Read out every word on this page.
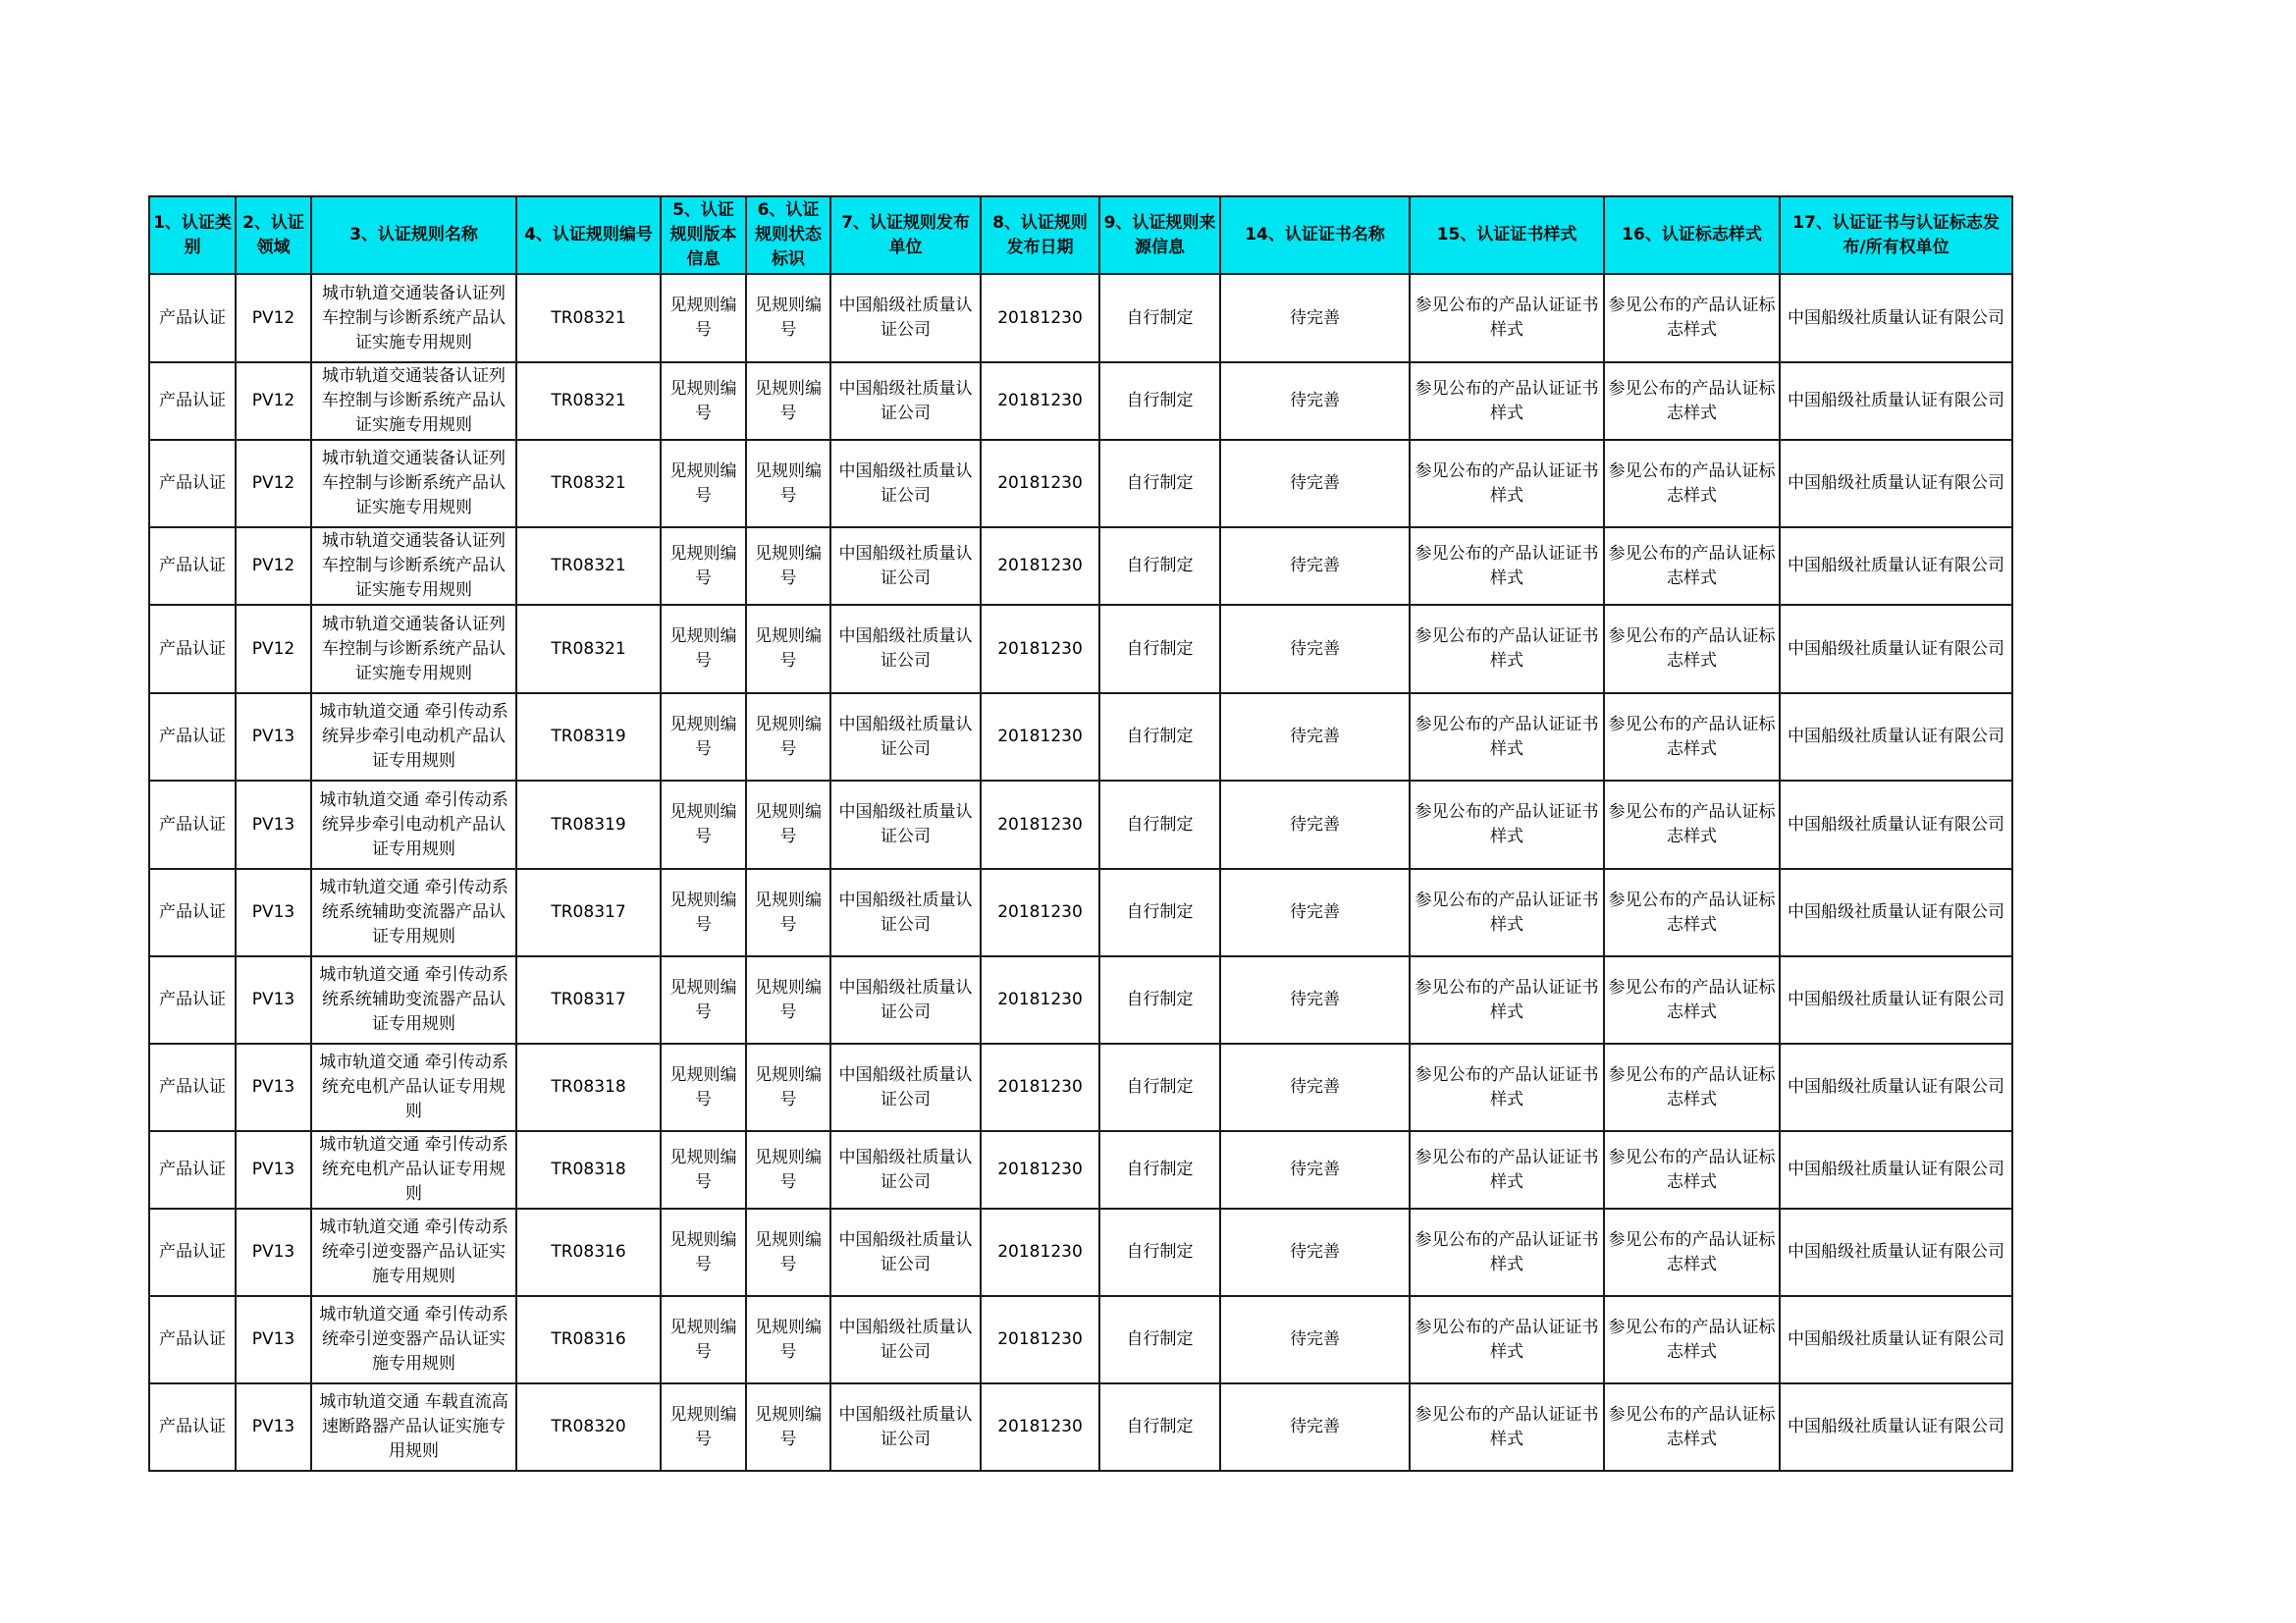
1、认证类别	2、认证领域	3、认证规则名称	4、认证规则编号	5、认证规则版本信息	6、认证规则状态标识	7、认证规则发布单位	8、认证规则发布日期	9、认证规则来源信息	14、认证证书名称	15、认证证书样式	16、认证标志样式	17、认证证书与认证标志发布/所有权单位
产品认证	PV12	城市轨道交通装备认证列车控制与诊断系统产品认证实施专用规则	TR08321	见规则编号	见规则编号	中国船级社质量认证公司	20181230	自行制定	待完善	参见公布的产品认证证书样式	参见公布的产品认证标志样式	中国船级社质量认证有限公司
产品认证	PV12	城市轨道交通装备认证列车控制与诊断系统产品认证实施专用规则	TR08321	见规则编号	见规则编号	中国船级社质量认证公司	20181230	自行制定	待完善	参见公布的产品认证证书样式	参见公布的产品认证标志样式	中国船级社质量认证有限公司
产品认证	PV12	城市轨道交通装备认证列车控制与诊断系统产品认证实施专用规则	TR08321	见规则编号	见规则编号	中国船级社质量认证公司	20181230	自行制定	待完善	参见公布的产品认证证书样式	参见公布的产品认证标志样式	中国船级社质量认证有限公司
产品认证	PV12	城市轨道交通装备认证列车控制与诊断系统产品认证实施专用规则	TR08321	见规则编号	见规则编号	中国船级社质量认证公司	20181230	自行制定	待完善	参见公布的产品认证证书样式	参见公布的产品认证标志样式	中国船级社质量认证有限公司
产品认证	PV12	城市轨道交通装备认证列车控制与诊断系统产品认证实施专用规则	TR08321	见规则编号	见规则编号	中国船级社质量认证公司	20181230	自行制定	待完善	参见公布的产品认证证书样式	参见公布的产品认证标志样式	中国船级社质量认证有限公司
产品认证	PV13	城市轨道交通 牵引传动系统异步牵引电动机产品认证专用规则	TR08319	见规则编号	见规则编号	中国船级社质量认证公司	20181230	自行制定	待完善	参见公布的产品认证证书样式	参见公布的产品认证标志样式	中国船级社质量认证有限公司
产品认证	PV13	城市轨道交通 牵引传动系统异步牵引电动机产品认证专用规则	TR08319	见规则编号	见规则编号	中国船级社质量认证公司	20181230	自行制定	待完善	参见公布的产品认证证书样式	参见公布的产品认证标志样式	中国船级社质量认证有限公司
产品认证	PV13	城市轨道交通 牵引传动系统系统辅助变流器产品认证专用规则	TR08317	见规则编号	见规则编号	中国船级社质量认证公司	20181230	自行制定	待完善	参见公布的产品认证证书样式	参见公布的产品认证标志样式	中国船级社质量认证有限公司
产品认证	PV13	城市轨道交通 牵引传动系统系统辅助变流器产品认证专用规则	TR08317	见规则编号	见规则编号	中国船级社质量认证公司	20181230	自行制定	待完善	参见公布的产品认证证书样式	参见公布的产品认证标志样式	中国船级社质量认证有限公司
产品认证	PV13	城市轨道交通 牵引传动系统充电机产品认证专用规则	TR08318	见规则编号	见规则编号	中国船级社质量认证公司	20181230	自行制定	待完善	参见公布的产品认证证书样式	参见公布的产品认证标志样式	中国船级社质量认证有限公司
产品认证	PV13	城市轨道交通 牵引传动系统充电机产品认证专用规则	TR08318	见规则编号	见规则编号	中国船级社质量认证公司	20181230	自行制定	待完善	参见公布的产品认证证书样式	参见公布的产品认证标志样式	中国船级社质量认证有限公司
产品认证	PV13	城市轨道交通 牵引传动系统牵引逆变器产品认证实施专用规则	TR08316	见规则编号	见规则编号	中国船级社质量认证公司	20181230	自行制定	待完善	参见公布的产品认证证书样式	参见公布的产品认证标志样式	中国船级社质量认证有限公司
产品认证	PV13	城市轨道交通 牵引传动系统牵引逆变器产品认证实施专用规则	TR08316	见规则编号	见规则编号	中国船级社质量认证公司	20181230	自行制定	待完善	参见公布的产品认证证书样式	参见公布的产品认证标志样式	中国船级社质量认证有限公司
产品认证	PV13	城市轨道交通 车载直流高速断路器产品认证实施专用规则	TR08320	见规则编号	见规则编号	中国船级社质量认证公司	20181230	自行制定	待完善	参见公布的产品认证证书样式	参见公布的产品认证标志样式	中国船级社质量认证有限公司
